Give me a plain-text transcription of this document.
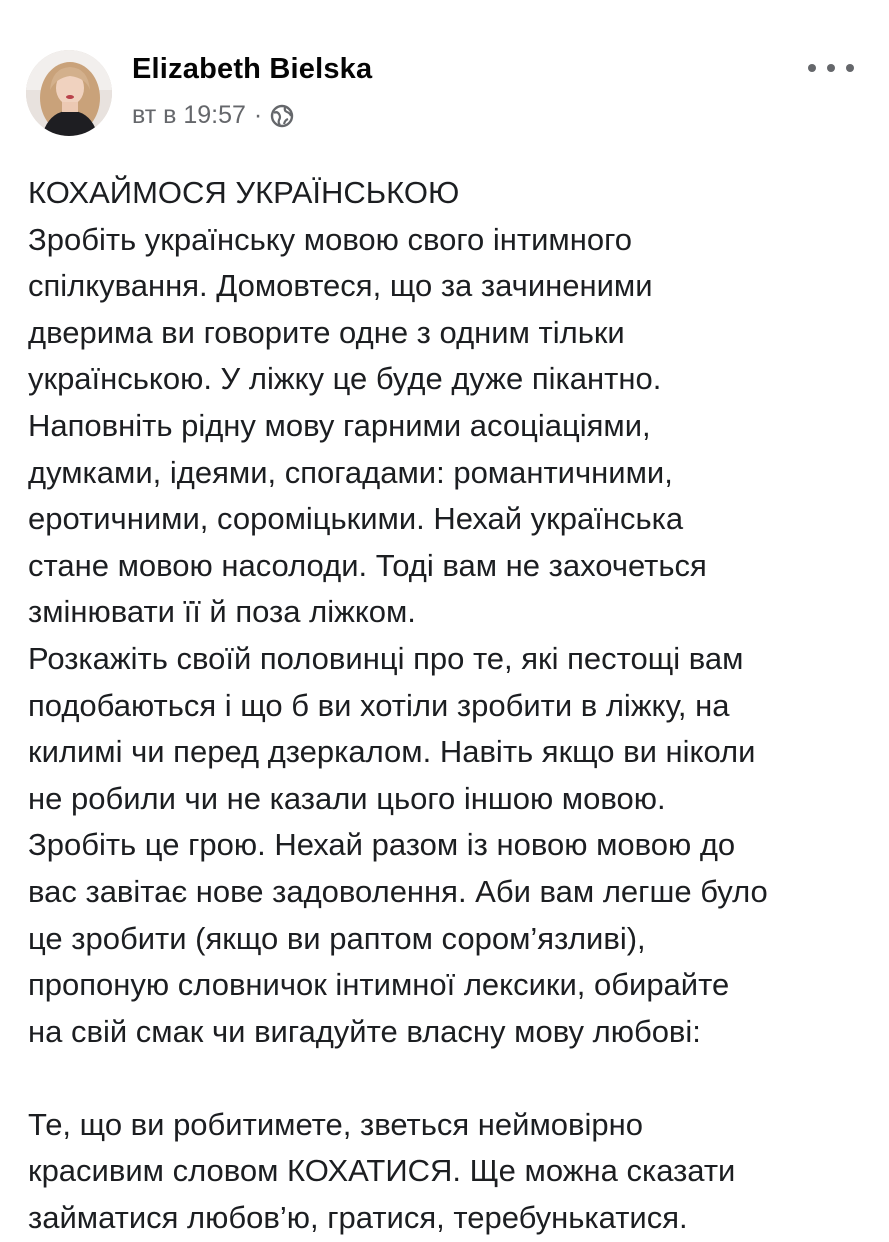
Elizabeth Bielska
вт в 19:57 ·

КОХАЙМОСЯ УКРАЇНСЬКОЮ

Зробіть українську мовою свого інтимного

спілкування. Домовтеся, що за зачиненими

дверима ви говорите одне з одним тільки

українською. У ліжку це буде дуже пікантно.

Наповніть рідну мову гарними асоціаціями,

думками, ідеями, спогадами: романтичними,

еротичними, сороміцькими. Нехай українська

стане мовою насолоди. Тоді вам не захочеться

змінювати її й поза ліжком.

Розкажіть своїй половинці про те, які пестощі вам

подобаються і що б ви хотіли зробити в ліжку, на

килимі чи перед дзеркалом. Навіть якщо ви ніколи

не робили чи не казали цього іншою мовою.

Зробіть це грою. Нехай разом із новою мовою до

вас завітає нове задоволення. Аби вам легше було

це зробити (якщо ви раптом сором’язливі),

пропоную словничок інтимної лексики, обирайте

на свій смак чи вигадуйте власну мову любові:

Те, що ви робитимете, зветься неймовірно

красивим словом КОХАТИСЯ. Ще можна сказати

займатися любов’ю, гратися, теребунькатися.
